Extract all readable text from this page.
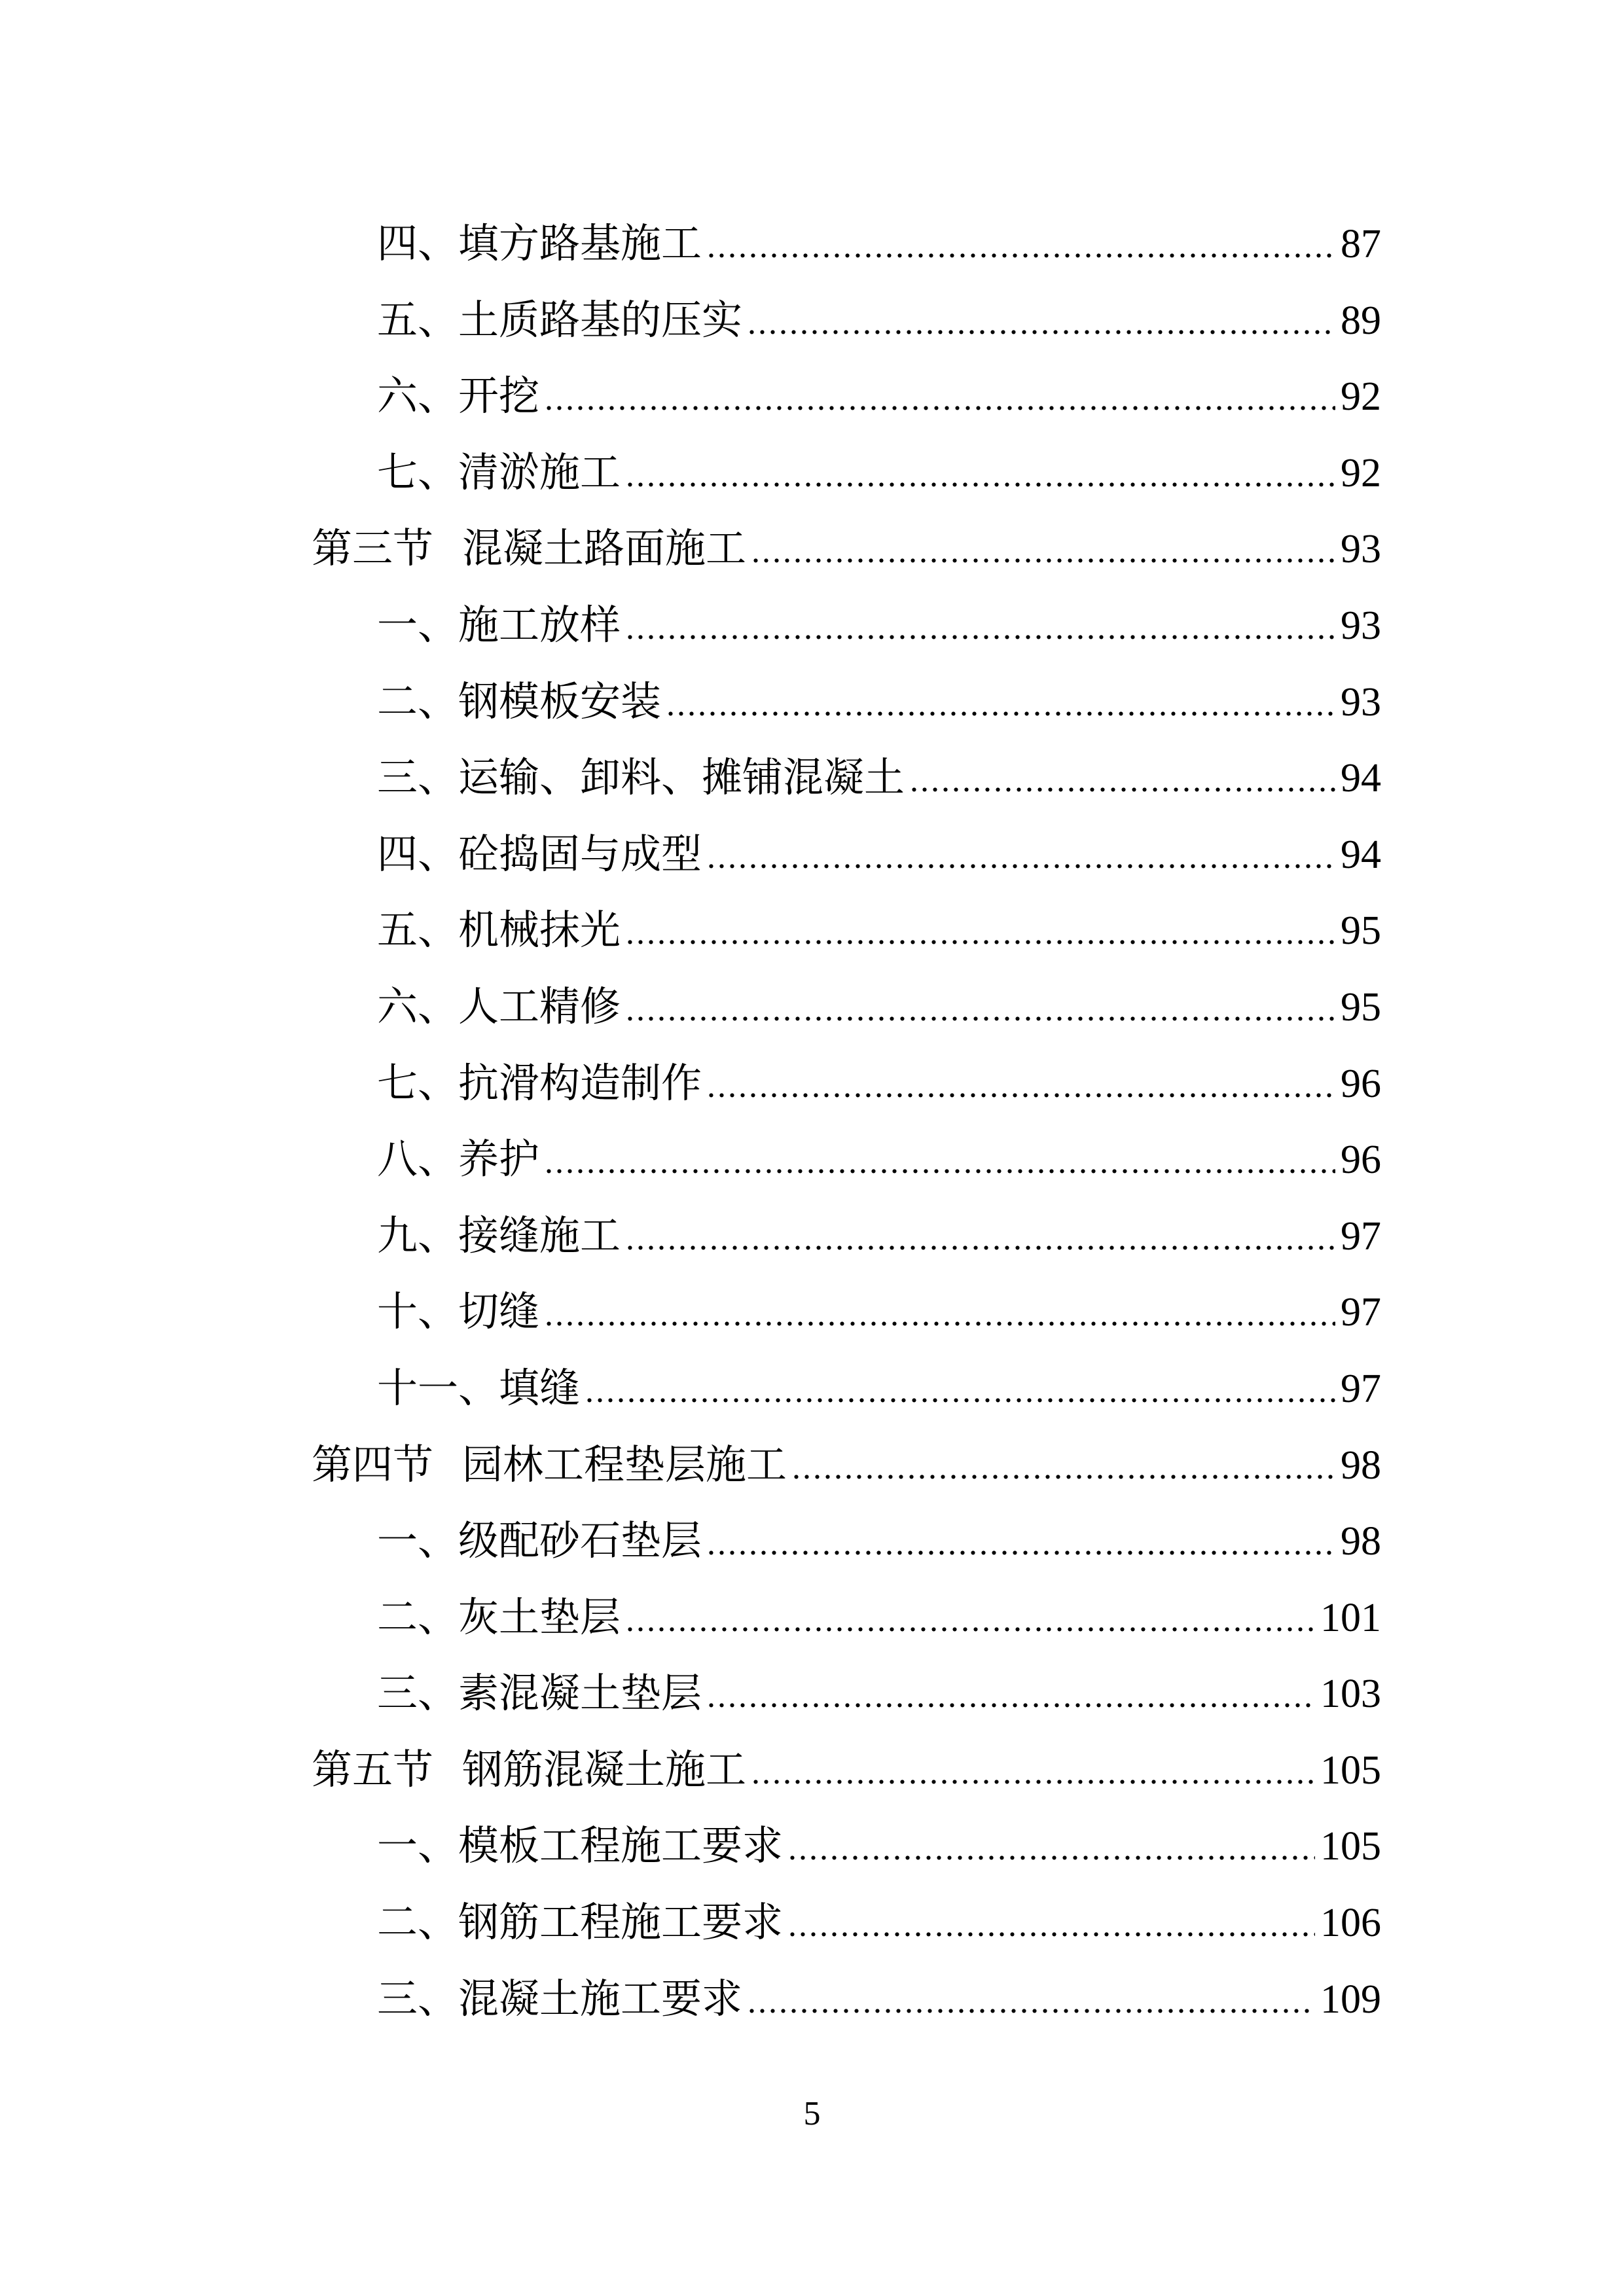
四、填方路基施工 .....	87
五、土质路基的压实 .....	89
六、开挖 .....	92
七、清淤施工 .....	92
第三节 混凝土路面施工 .....	93
一、施工放样 .....	93
二、钢模板安装 .....	93
三、运输、卸料、摊铺混凝土 .....	94
四、砼捣固与成型 .....	94
五、机械抹光 .....	95
六、人工精修 .....	95
七、抗滑构造制作 .....	96
八、养护 .....	96
九、接缝施工 .....	97
十、切缝 .....	97
十一、填缝 .....	97
第四节 园林工程垫层施工 .....	98
一、级配砂石垫层 .....	98
二、灰土垫层 .....	101
三、素混凝土垫层 .....	103
第五节 钢筋混凝土施工 .....	105
一、模板工程施工要求 .....	105
二、钢筋工程施工要求 .....	106
三、混凝土施工要求 .....	109
5
